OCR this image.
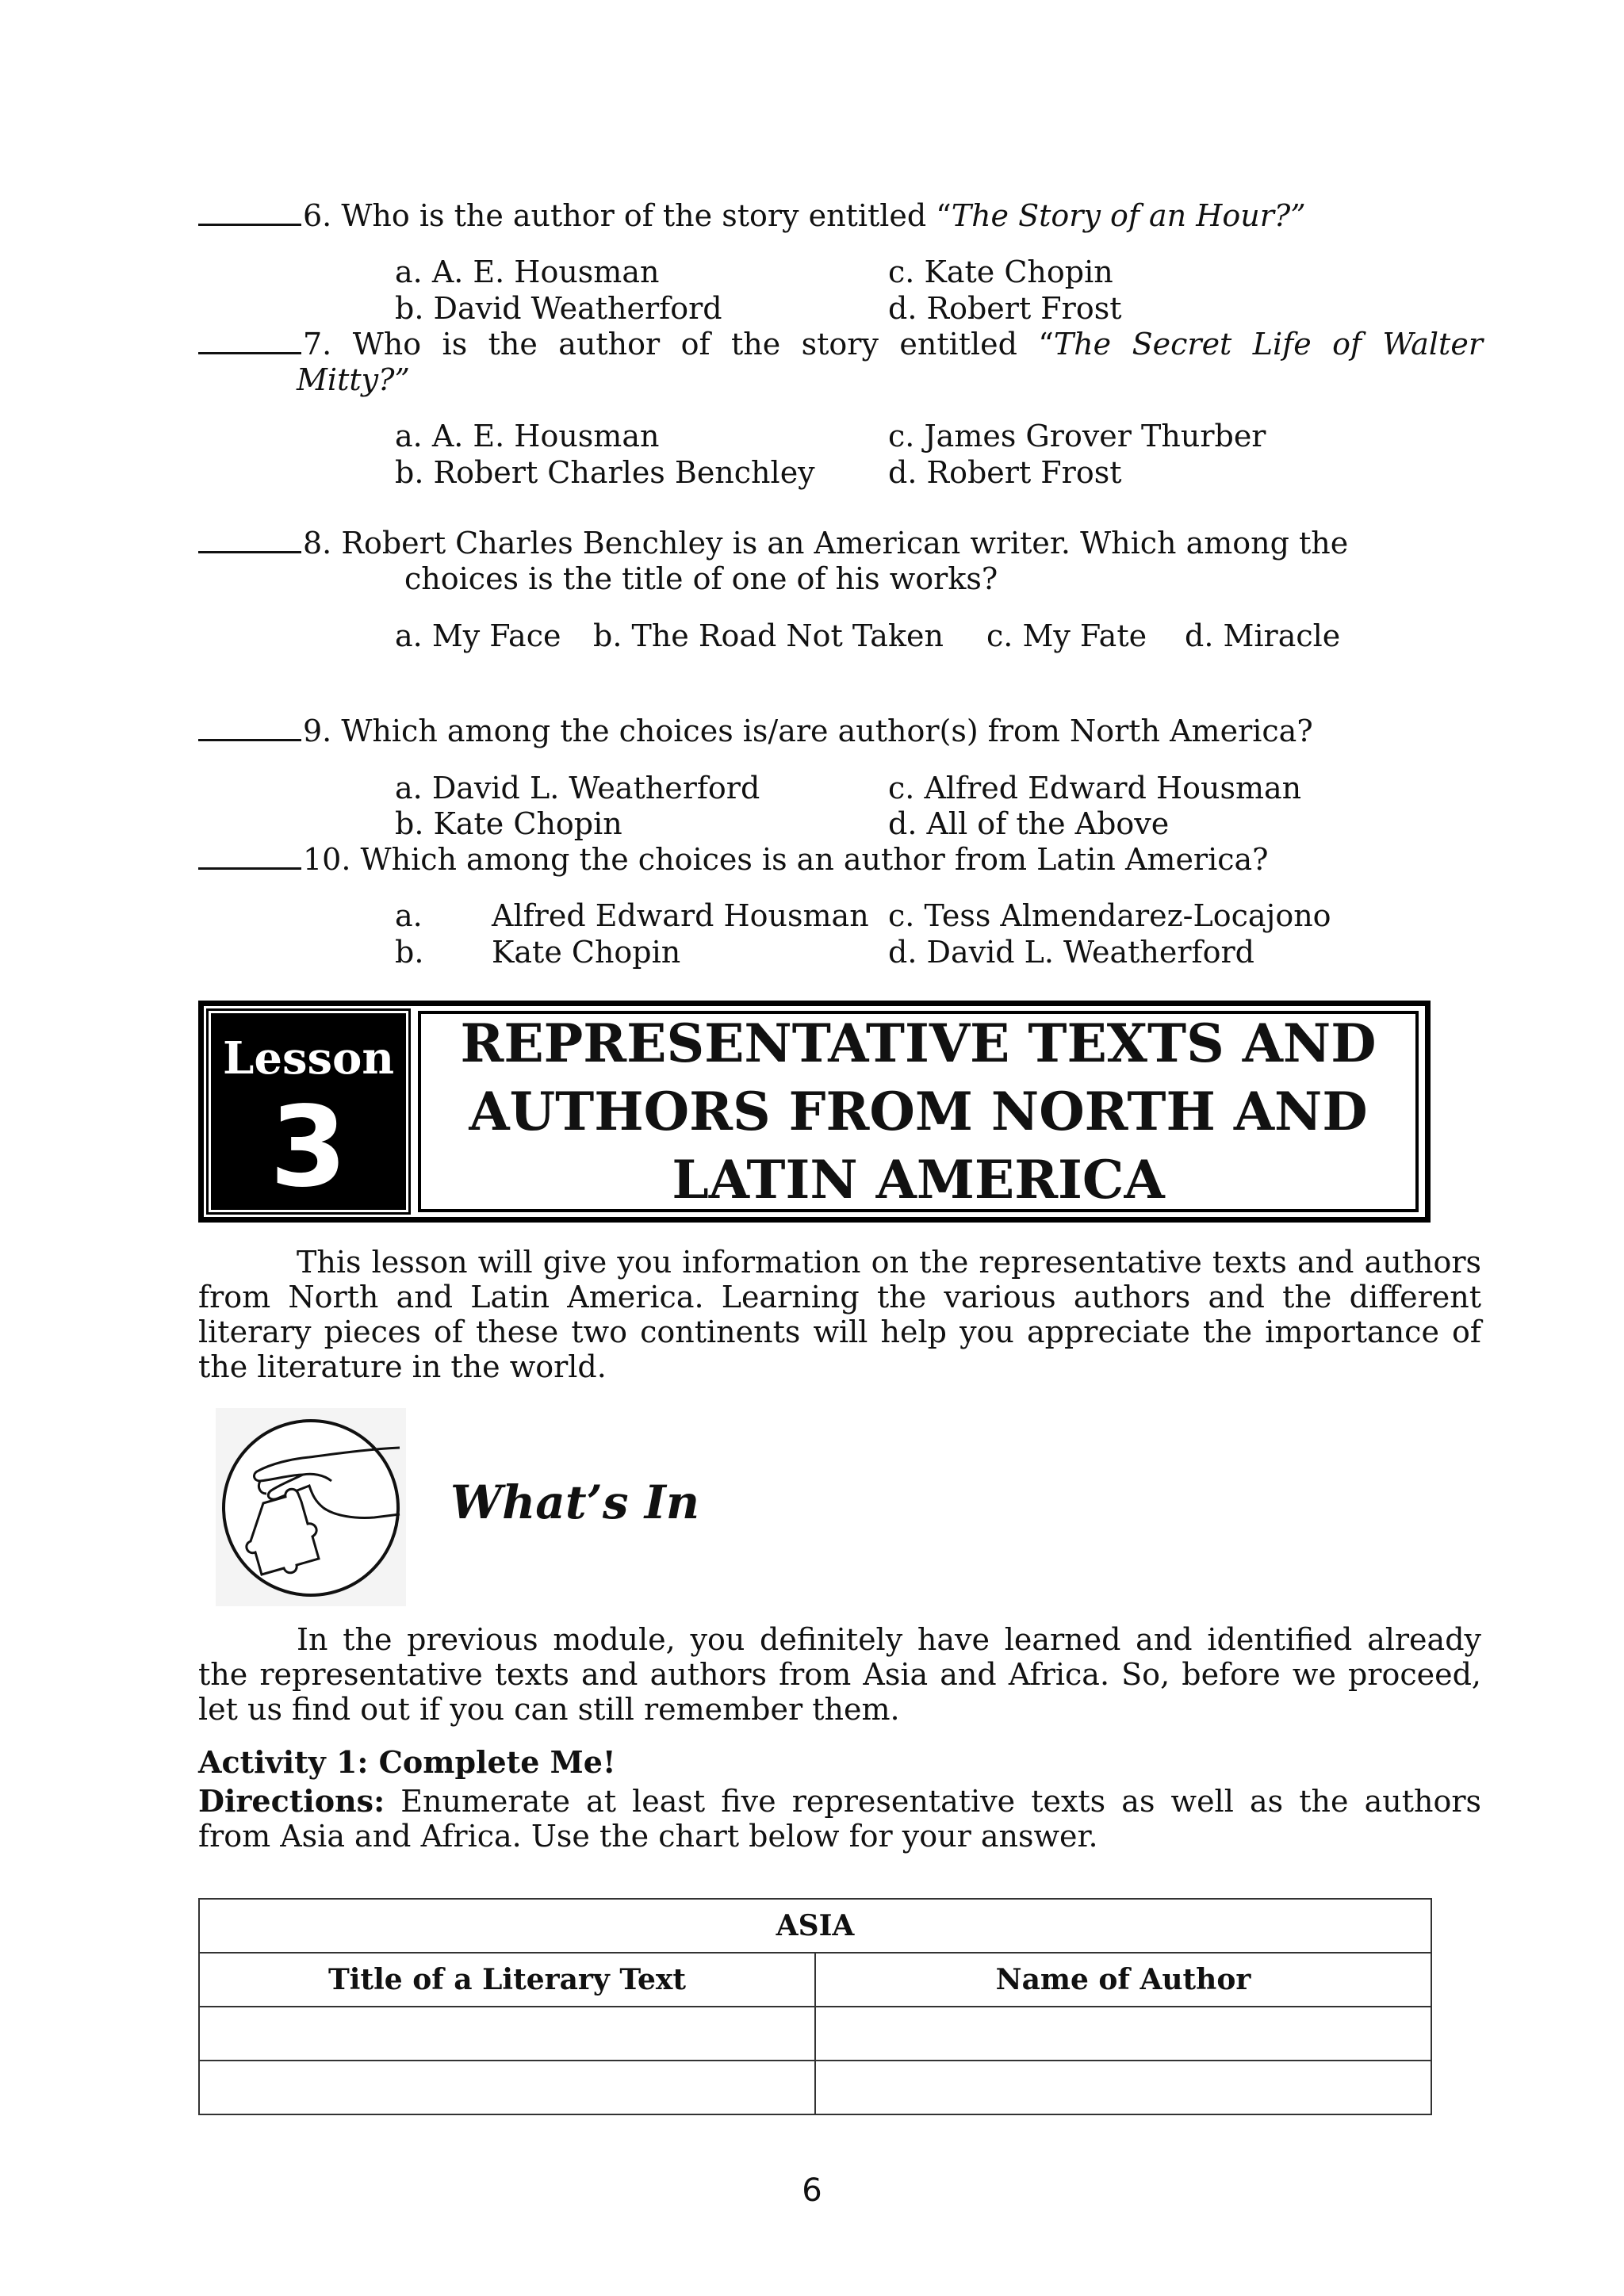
6. Who is the author of the story entitled “The Story of an Hour?”
a. A. E. Housman	c. Kate Chopin
b. David Weatherford	d. Robert Frost
7. Who is the author of the story entitled “The Secret Life of Walter
Mitty?”
a. A. E. Housman	c. James Grover Thurber
b. Robert Charles Benchley d. Robert Frost
8. Robert Charles Benchley is an American writer. Which among the
choices is the title of one of his works?
a. My Face b. The Road Not Taken c. My Fate d. Miracle
9. Which among the choices is/are author(s) from North America?
a. David L. Weatherford	c. Alfred Edward Housman
b. Kate Chopin	d. All of the Above
10. Which among the choices is an author from Latin America?
a. Alfred Edward Housman c. Tess Almendarez-Locajono
b. Kate Chopin	d. David L. Weatherford
Lesson
3
REPRESENTATIVE TEXTS AND
AUTHORS FROM NORTH AND
LATIN AMERICA
This lesson will give you information on the representative texts and authors from North and Latin America. Learning the various authors and the different literary pieces of these two continents will help you appreciate the importance of the literature in the world.
What’s In
In the previous module, you definitely have learned and identified already the representative texts and authors from Asia and Africa. So, before we proceed, let us find out if you can still remember them.
Activity 1: Complete Me!
Directions: Enumerate at least five representative texts as well as the authors from Asia and Africa. Use the chart below for your answer.
ASIA	
Title of a Literary Text	Name of Author

6
